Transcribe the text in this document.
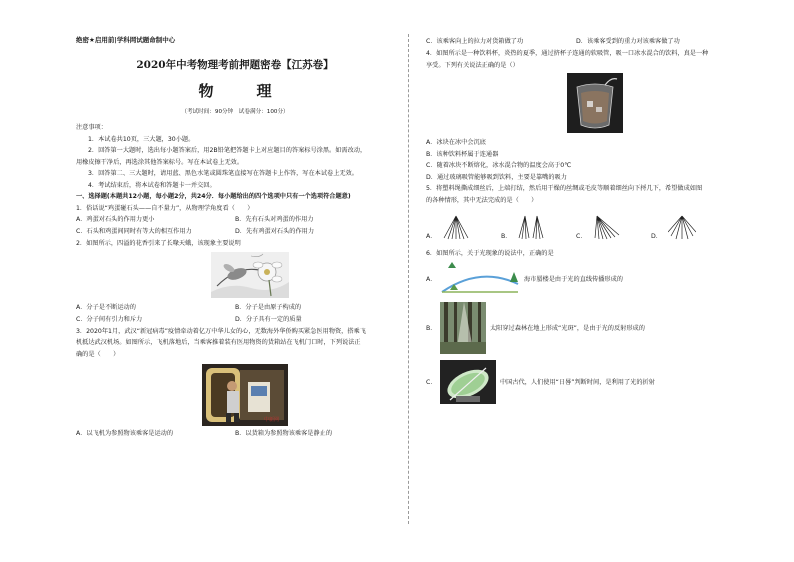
绝密★启用前|学科网试题命制中心
2020年中考物理考前押题密卷【江苏卷】
物　理
（考试时间：90分钟　试卷满分：100分）
注意事项：
1．本试卷共10页，三大题，30小题。
2．回答第一大题时，选出每小题答案后，用2B铅笔把答题卡上对应题目的答案标号涂黑。如需改动，
用橡皮擦干净后，再选涂其他答案标号。写在本试卷上无效。
3．回答第二、三大题时，请用蓝、黑色水笔或圆珠笔直接写在答题卡上作答，写在本试卷上无效。
4．考试结束后，将本试卷和答题卡一并交回。
一、选择题(本题共12小题，每小题2分，共24分．每小题给出的四个选项中只有一个选项符合题意)
1．俗话说“鸡蛋碰石头——自不量力”，从物理学角度看（　　）
A．鸡蛋对石头的作用力更小	B．先有石头对鸡蛋的作用力
C．石头和鸡蛋间同时有等大的相互作用力	D．先有鸡蛋对石头的作用力
2．如图所示，四溢的花香引来了长喙天蛾，该现象主要说明
A．分子是不断运动的	B．分子是由原子构成的
C．分子间有引力和斥力	D．分子具有一定的质量
3．2020年1月，武汉“新冠病毒”疫情牵动着亿万中华儿女的心，无数海外华侨购买紧急医用物资，搭乘飞
机抵达武汉机场。如图所示，飞机落地后，当乘客推着装有医用物资的货箱站在飞机门口时，下列说法正
确的是（　　）
中新网
A．以飞机为参照物该乘客是运动的	B．以货箱为参照物该乘客是静止的
C．该乘客向上的拉力对货箱做了功	D．该乘客受到的重力对该乘客做了功
4．如图所示是一种饮料杯，炎热的夏季，通过挤杯子连通的软吸管，吸一口冰水混合的饮料，真是一种
享受。下列有关说法正确的是（）
A．冰块在冰中会沉底
B．该种饮料杯属于连通器
C．随着冰块不断熔化，冰水混合物的温度会高于0℃
D．通过玻璃吸管能够吸到饮料，主要是靠嘴的吸力
5．将塑料绳撕成细丝后，上端打结，然后用干燥的丝绸或毛皮等顺着细丝向下捋几下，希望做成如图
的各种情形，其中无法完成的是（　　）
A．	B．	C．	D．
6．如图所示，关于光现象的说法中，正确的是
A．	海市蜃楼是由于光的直线传播形成的
B．	太阳穿过森林在地上形成“光斑”，是由于光的反射形成的
C．	中国古代，人们使用“日晷”判断时间，是利用了光的折射
